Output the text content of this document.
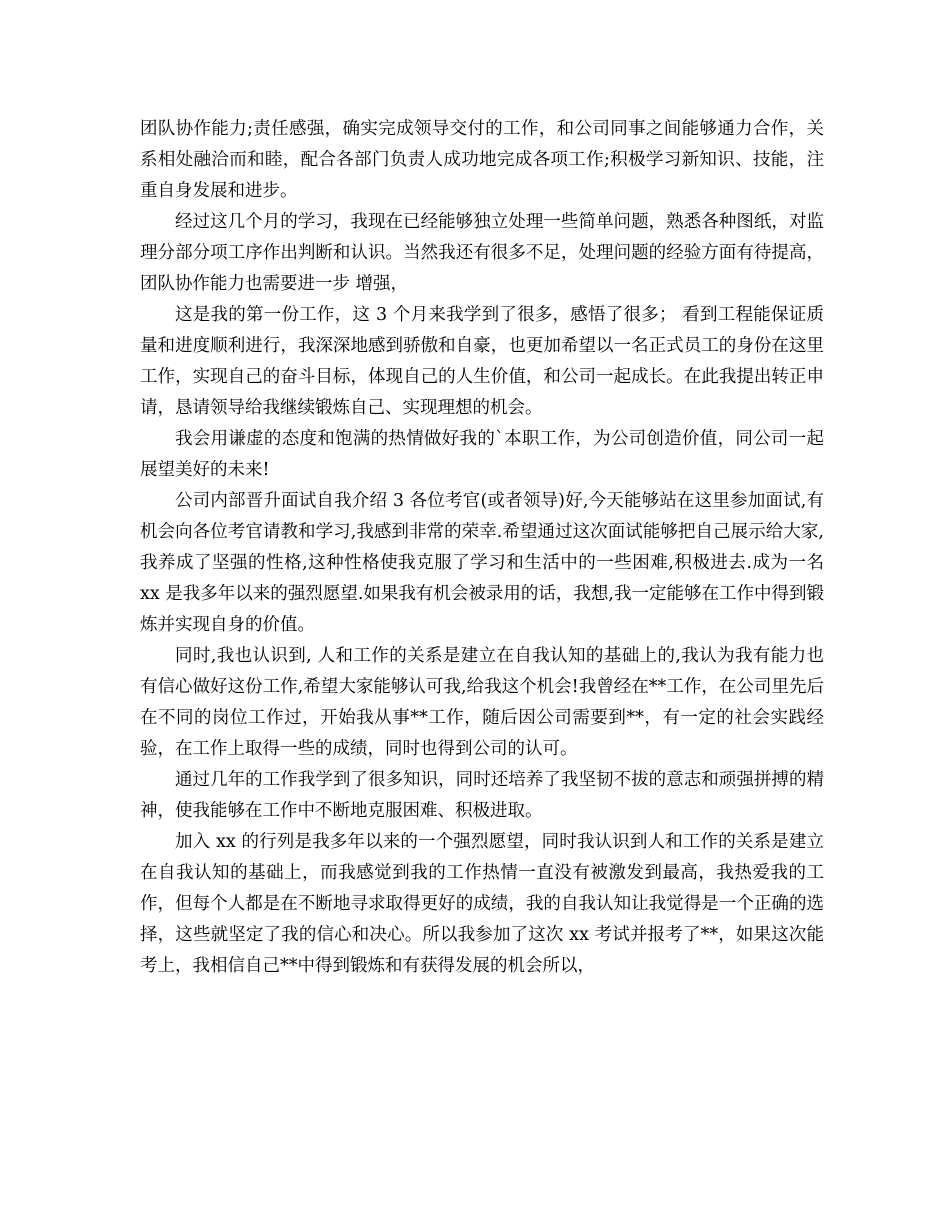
团队协作能力;责任感强，确实完成领导交付的工作，和公司同事之间能够通力合作，关系相处融洽而和睦，配合各部门负责人成功地完成各项工作;积极学习新知识、技能，注重自身发展和进步。

经过这几个月的学习，我现在已经能够独立处理一些简单问题，熟悉各种图纸，对监理分部分项工序作出判断和认识。当然我还有很多不足，处理问题的经验方面有待提高，团队协作能力也需要进一步 增强，

这是我的第一份工作，这 3 个月来我学到了很多，感悟了很多； 看到工程能保证质量和进度顺利进行，我深深地感到骄傲和自豪，也更加希望以一名正式员工的身份在这里工作，实现自己的奋斗目标，体现自己的人生价值，和公司一起成长。在此我提出转正申请，恳请领导给我继续锻炼自己、实现理想的机会。

我会用谦虚的态度和饱满的热情做好我的`本职工作，为公司创造价值，同公司一起展望美好的未来!

公司内部晋升面试自我介绍 3 各位考官(或者领导)好,今天能够站在这里参加面试,有机会向各位考官请教和学习,我感到非常的荣幸.希望通过这次面试能够把自己展示给大家,我养成了坚强的性格,这种性格使我克服了学习和生活中的一些困难,积极进去.成为一名 xx 是我多年以来的强烈愿望.如果我有机会被录用的话，我想,我一定能够在工作中得到锻炼并实现自身的价值。

同时,我也认识到, 人和工作的关系是建立在自我认知的基础上的,我认为我有能力也有信心做好这份工作,希望大家能够认可我,给我这个机会!我曾经在**工作，在公司里先后在不同的岗位工作过，开始我从事**工作，随后因公司需要到**，有一定的社会实践经验，在工作上取得一些的成绩，同时也得到公司的认可。

通过几年的工作我学到了很多知识，同时还培养了我坚韧不拔的意志和顽强拼搏的精神，使我能够在工作中不断地克服困难、积极进取。

加入 xx 的行列是我多年以来的一个强烈愿望，同时我认识到人和工作的关系是建立在自我认知的基础上，而我感觉到我的工作热情一直没有被激发到最高，我热爱我的工作，但每个人都是在不断地寻求取得更好的成绩，我的自我认知让我觉得是一个正确的选择，这些就坚定了我的信心和决心。所以我参加了这次 xx 考试并报考了**，如果这次能考上，我相信自己**中得到锻炼和有获得发展的机会所以，
